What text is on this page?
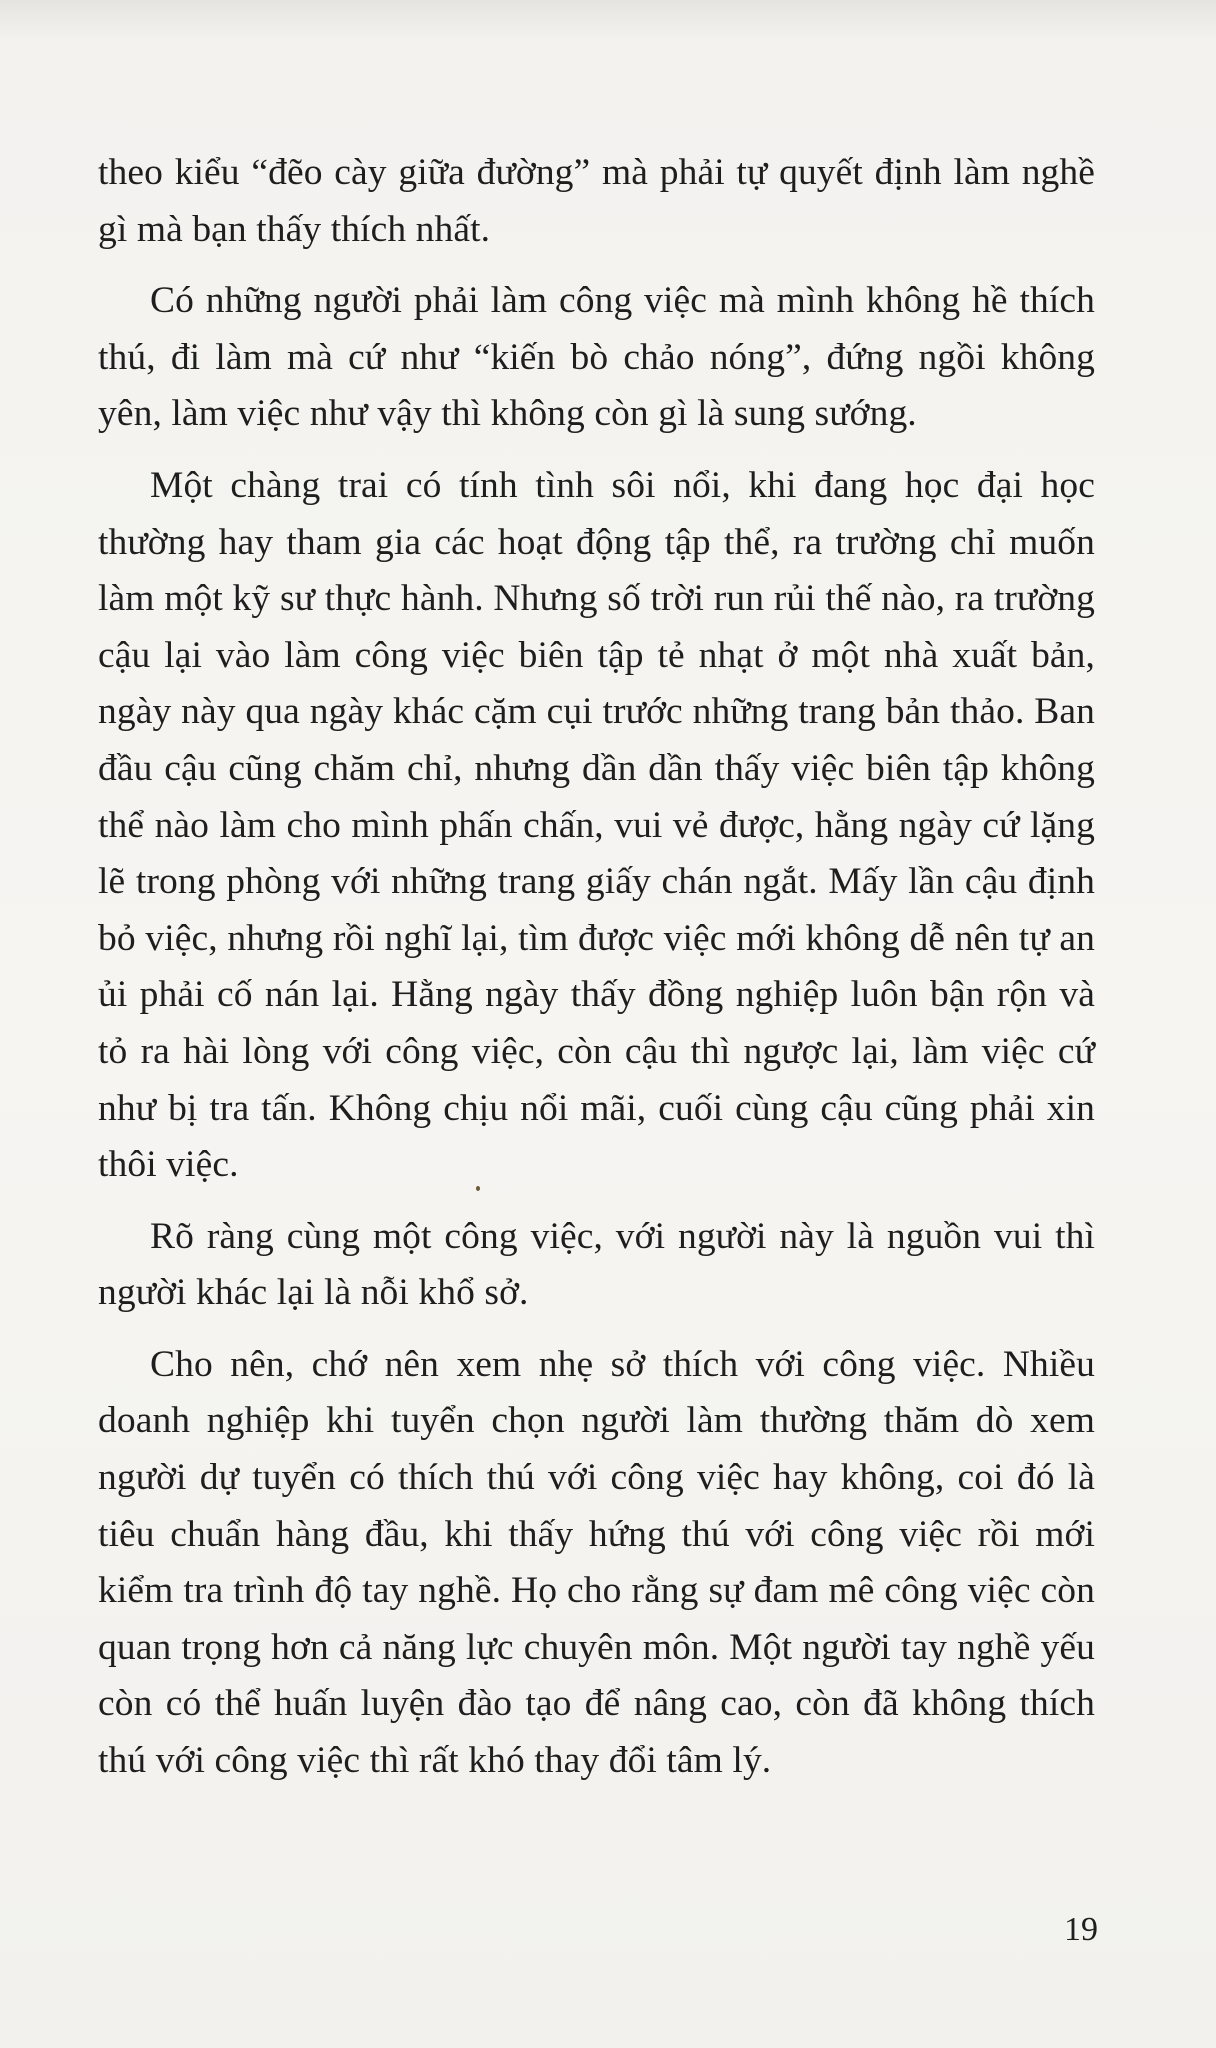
theo kiểu “đẽo cày giữa đường” mà phải tự quyết định làm nghề gì mà bạn thấy thích nhất.

Có những người phải làm công việc mà mình không hề thích thú, đi làm mà cứ như “kiến bò chảo nóng”, đứng ngồi không yên, làm việc như vậy thì không còn gì là sung sướng.

Một chàng trai có tính tình sôi nổi, khi đang học đại học thường hay tham gia các hoạt động tập thể, ra trường chỉ muốn làm một kỹ sư thực hành. Nhưng số trời run rủi thế nào, ra trường cậu lại vào làm công việc biên tập tẻ nhạt ở một nhà xuất bản, ngày này qua ngày khác cặm cụi trước những trang bản thảo. Ban đầu cậu cũng chăm chỉ, nhưng dần dần thấy việc biên tập không thể nào làm cho mình phấn chấn, vui vẻ được, hằng ngày cứ lặng lẽ trong phòng với những trang giấy chán ngắt. Mấy lần cậu định bỏ việc, nhưng rồi nghĩ lại, tìm được việc mới không dễ nên tự an ủi phải cố nán lại. Hằng ngày thấy đồng nghiệp luôn bận rộn và tỏ ra hài lòng với công việc, còn cậu thì ngược lại, làm việc cứ như bị tra tấn. Không chịu nổi mãi, cuối cùng cậu cũng phải xin thôi việc.

Rõ ràng cùng một công việc, với người này là nguồn vui thì người khác lại là nỗi khổ sở.

Cho nên, chớ nên xem nhẹ sở thích với công việc. Nhiều doanh nghiệp khi tuyển chọn người làm thường thăm dò xem người dự tuyển có thích thú với công việc hay không, coi đó là tiêu chuẩn hàng đầu, khi thấy hứng thú với công việc rồi mới kiểm tra trình độ tay nghề. Họ cho rằng sự đam mê công việc còn quan trọng hơn cả năng lực chuyên môn. Một người tay nghề yếu còn có thể huấn luyện đào tạo để nâng cao, còn đã không thích thú với công việc thì rất khó thay đổi tâm lý.

19
